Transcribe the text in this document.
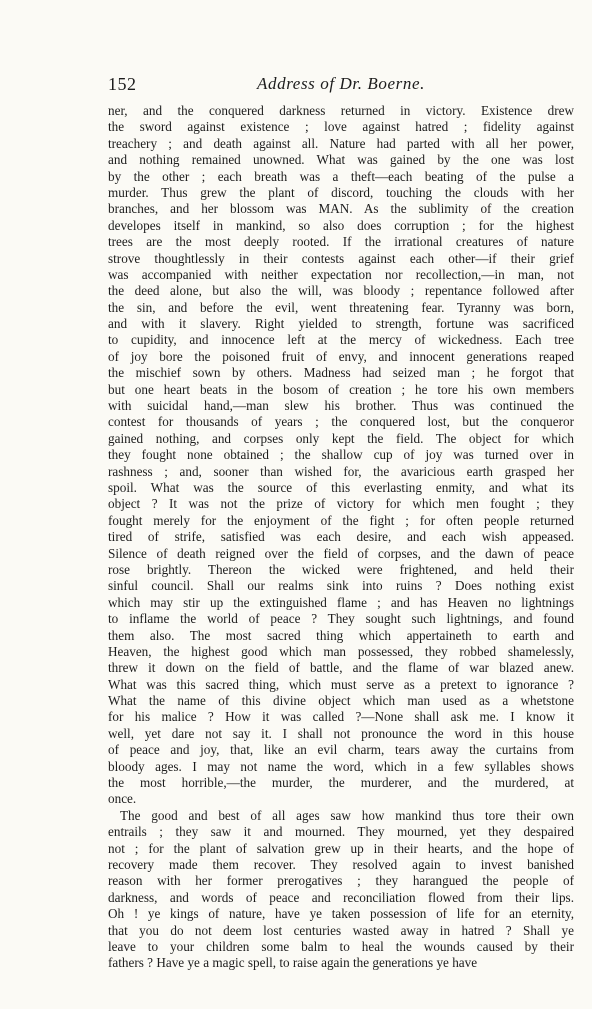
152	Address of Dr. Boerne.
ner, and the conquered darkness returned in victory. Existence drew
the sword against existence ; love against hatred ; fidelity against
treachery ; and death against all. Nature had parted with all her power,
and nothing remained unowned. What was gained by the one was lost
by the other ; each breath was a theft—each beating of the pulse a
murder. Thus grew the plant of discord, touching the clouds with her
branches, and her blossom was MAN. As the sublimity of the creation
developes itself in mankind, so also does corruption ; for the highest
trees are the most deeply rooted. If the irrational creatures of nature
strove thoughtlessly in their contests against each other—if their grief
was accompanied with neither expectation nor recollection,—in man, not
the deed alone, but also the will, was bloody ; repentance followed after
the sin, and before the evil, went threatening fear. Tyranny was born,
and with it slavery. Right yielded to strength, fortune was sacrificed
to cupidity, and innocence left at the mercy of wickedness. Each tree
of joy bore the poisoned fruit of envy, and innocent generations reaped
the mischief sown by others. Madness had seized man ; he forgot that
but one heart beats in the bosom of creation ; he tore his own members
with suicidal hand,—man slew his brother. Thus was continued the
contest for thousands of years ; the conquered lost, but the conqueror
gained nothing, and corpses only kept the field. The object for which
they fought none obtained ; the shallow cup of joy was turned over in
rashness ; and, sooner than wished for, the avaricious earth grasped her
spoil. What was the source of this everlasting enmity, and what its
object ? It was not the prize of victory for which men fought ; they
fought merely for the enjoyment of the fight ; for often people returned
tired of strife, satisfied was each desire, and each wish appeased.
Silence of death reigned over the field of corpses, and the dawn of peace
rose brightly. Thereon the wicked were frightened, and held their
sinful council. Shall our realms sink into ruins ? Does nothing exist
which may stir up the extinguished flame ; and has Heaven no lightnings
to inflame the world of peace ? They sought such lightnings, and found
them also. The most sacred thing which appertaineth to earth and
Heaven, the highest good which man possessed, they robbed shamelessly,
threw it down on the field of battle, and the flame of war blazed anew.
What was this sacred thing, which must serve as a pretext to ignorance ?
What the name of this divine object which man used as a whetstone
for his malice ? How it was called ?—None shall ask me. I know it
well, yet dare not say it. I shall not pronounce the word in this house
of peace and joy, that, like an evil charm, tears away the curtains from
bloody ages. I may not name the word, which in a few syllables shows
the most horrible,—the murder, the murderer, and the murdered, at
once.
The good and best of all ages saw how mankind thus tore their own
entrails ; they saw it and mourned. They mourned, yet they despaired
not ; for the plant of salvation grew up in their hearts, and the hope of
recovery made them recover. They resolved again to invest banished
reason with her former prerogatives ; they harangued the people of
darkness, and words of peace and reconciliation flowed from their lips.
Oh ! ye kings of nature, have ye taken possession of life for an eternity,
that you do not deem lost centuries wasted away in hatred ? Shall ye
leave to your children some balm to heal the wounds caused by their
fathers ? Have ye a magic spell, to raise again the generations ye have
